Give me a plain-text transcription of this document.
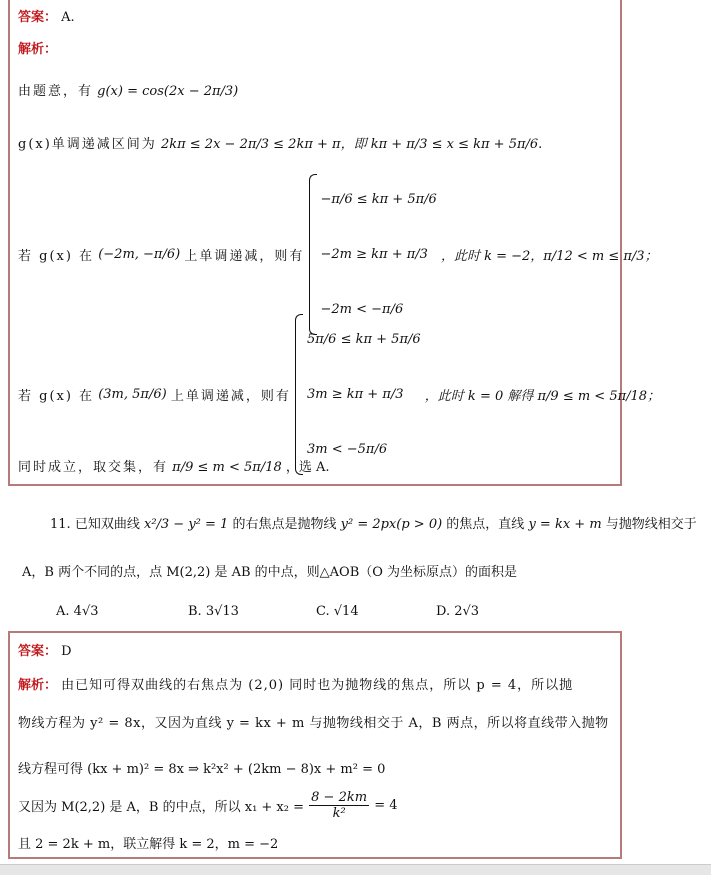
答案： A.
解析：
由题意，有 g(x) = cos(2x − 2π/3)
g(x)单调递减区间为 2kπ ≤ 2x − 2π/3 ≤ 2kπ + π，即 kπ + π/3 ≤ x ≤ kπ + 5π/6.
若 g(x) 在 (−2m, −π/6) 上单调递减，则有
−π/6 ≤ kπ + 5π/6
−2m ≥ kπ + π/3
−2m < −π/6
，此时 k = −2，π/12 < m ≤ π/3；
若 g(x) 在 (3m, 5π/6) 上单调递减，则有
5π/6 ≤ kπ + 5π/6
3m ≥ kπ + π/3
3m < −5π/6
，此时 k = 0 解得 π/9 ≤ m < 5π/18；
同时成立，取交集，有 π/9 ≤ m < 5π/18 ，选 A.
11. 已知双曲线 x²/3 − y² = 1 的右焦点是抛物线 y² = 2px(p > 0) 的焦点，直线 y = kx + m 与抛物线相交于
A，B 两个不同的点，点 M(2,2) 是 AB 的中点，则△AOB（O 为坐标原点）的面积是
A. 4√3	B. 3√13	C. √14	D. 2√3
答案： D
解析： 由已知可得双曲线的右焦点为 (2,0) 同时也为抛物线的焦点，所以 p = 4，所以抛
物线方程为 y² = 8x，又因为直线 y = kx + m 与抛物线相交于 A，B 两点，所以将直线带入抛物
线方程可得 (kx + m)² = 8x ⇒ k²x² + (2km − 8)x + m² = 0
又因为 M(2,2) 是 A，B 的中点，所以 $x_1 + x_2 = \frac{8 - 2km}{\text{k²}} = 4$
且 2 = 2k + m，联立解得 k = 2，m = −2
